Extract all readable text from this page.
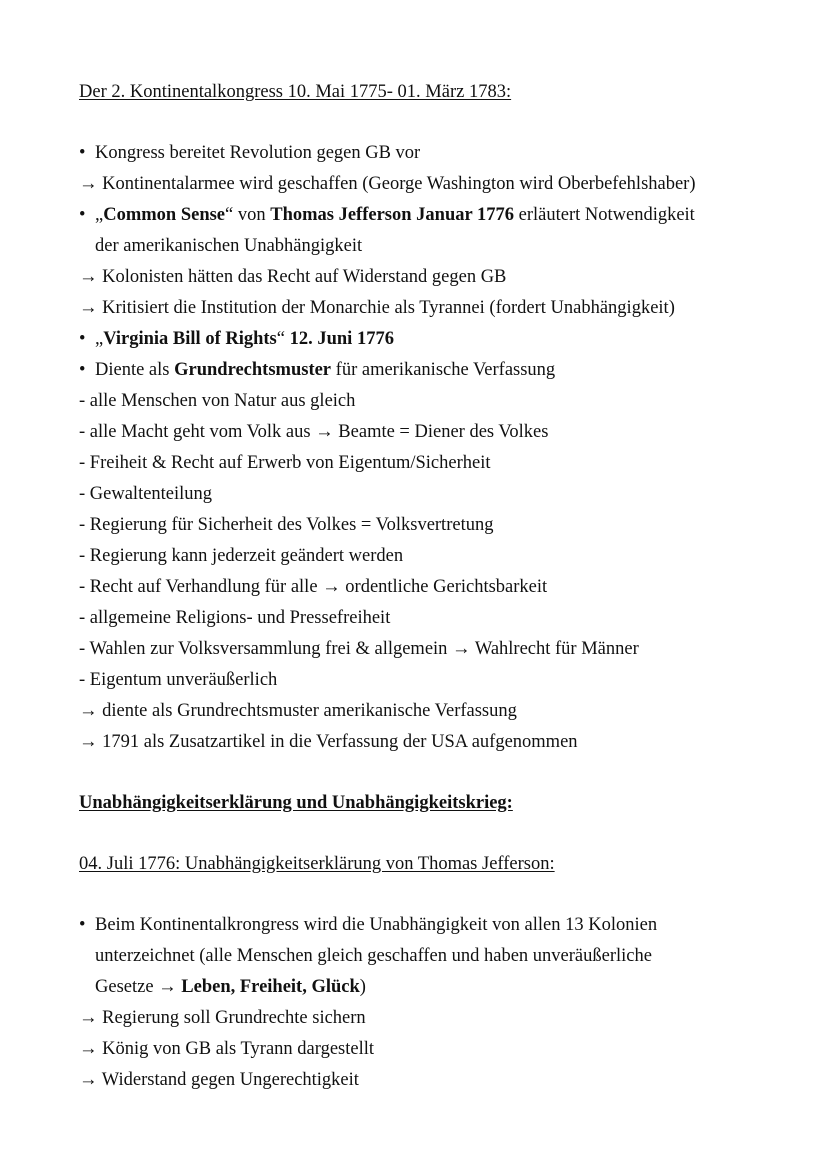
Der 2. Kontinentalkongress 10. Mai 1775- 01. März 1783:
• Kongress bereitet Revolution gegen GB vor
→ Kontinentalarmee wird geschaffen (George Washington wird Oberbefehlshaber)
• „Common Sense“ von Thomas Jefferson Januar 1776 erläutert Notwendigkeit
der amerikanischen Unabhängigkeit
→ Kolonisten hätten das Recht auf Widerstand gegen GB
→ Kritisiert die Institution der Monarchie als Tyrannei (fordert Unabhängigkeit)
• „Virginia Bill of Rights“ 12. Juni 1776
• Diente als Grundrechtsmuster für amerikanische Verfassung
- alle Menschen von Natur aus gleich
- alle Macht geht vom Volk aus → Beamte = Diener des Volkes
- Freiheit & Recht auf Erwerb von Eigentum/Sicherheit
- Gewaltenteilung
- Regierung für Sicherheit des Volkes = Volksvertretung
- Regierung kann jederzeit geändert werden
- Recht auf Verhandlung für alle → ordentliche Gerichtsbarkeit
- allgemeine Religions- und Pressefreiheit
- Wahlen zur Volksversammlung frei & allgemein → Wahlrecht für Männer
- Eigentum unveräußerlich
→ diente als Grundrechtsmuster amerikanische Verfassung
→ 1791 als Zusatzartikel in die Verfassung der USA aufgenommen
Unabhängigkeitserklärung und Unabhängigkeitskrieg:
04. Juli 1776: Unabhängigkeitserklärung von Thomas Jefferson:
• Beim Kontinentalkrongress wird die Unabhängigkeit von allen 13 Kolonien
unterzeichnet (alle Menschen gleich geschaffen und haben unveräußerliche
Gesetze → Leben, Freiheit, Glück)
→ Regierung soll Grundrechte sichern
→ König von GB als Tyrann dargestellt
→ Widerstand gegen Ungerechtigkeit
